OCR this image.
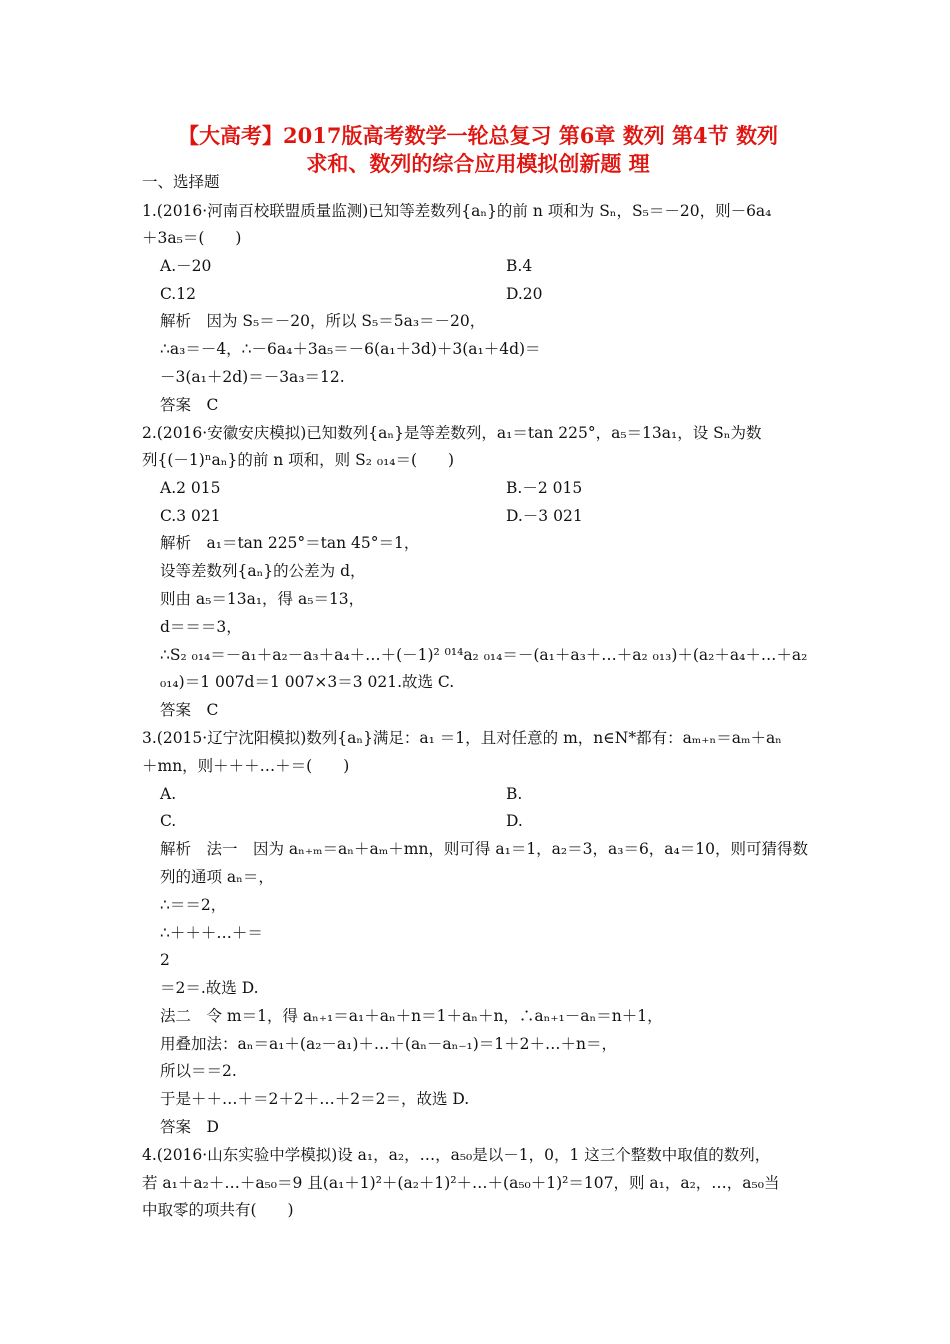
【大高考】2017版高考数学一轮总复习 第6章 数列 第4节 数列
求和、数列的综合应用模拟创新题 理
一、选择题
1.(2016·河南百校联盟质量监测)已知等差数列{aₙ}的前 n 项和为 Sₙ，S₅＝－20，则－6a₄
＋3a₅＝(　　)
A.－20	B.4
C.12	D.20
解析　因为 S₅＝－20，所以 S₅＝5a₃＝－20，
∴a₃＝－4，∴－6a₄＋3a₅＝－6(a₁＋3d)＋3(a₁＋4d)＝
－3(a₁＋2d)＝－3a₃＝12.
答案　C
2.(2016·安徽安庆模拟)已知数列{aₙ}是等差数列，a₁＝tan 225°，a₅＝13a₁，设 Sₙ为数
列{(－1)ⁿaₙ}的前 n 项和，则 S₂ ₀₁₄＝(　　)
A.2 015	B.－2 015
C.3 021	D.－3 021
解析　a₁＝tan 225°＝tan 45°＝1，
设等差数列{aₙ}的公差为 d，
则由 a₅＝13a₁，得 a₅＝13，
d＝＝＝3，
∴S₂ ₀₁₄＝－a₁＋a₂－a₃＋a₄＋…＋(－1)² ⁰¹⁴a₂ ₀₁₄＝－(a₁＋a₃＋…＋a₂ ₀₁₃)＋(a₂＋a₄＋…＋a₂
₀₁₄)＝1 007d＝1 007×3＝3 021.故选 C.
答案　C
3.(2015·辽宁沈阳模拟)数列{aₙ}满足：a₁ ＝1，且对任意的 m，n∈N*都有：aₘ₊ₙ＝aₘ＋aₙ
＋mn，则＋＋＋…＋＝(　　)
A.	B.
C.	D.
解析　法一　因为 aₙ₊ₘ＝aₙ＋aₘ＋mn，则可得 a₁＝1，a₂＝3，a₃＝6，a₄＝10，则可猜得数
列的通项 aₙ＝，
∴＝＝2，
∴＋＋＋…＋＝
2
＝2＝.故选 D.
法二　令 m＝1，得 aₙ₊₁＝a₁＋aₙ＋n＝1＋aₙ＋n，∴aₙ₊₁－aₙ＝n＋1，
用叠加法：aₙ＝a₁＋(a₂－a₁)＋…＋(aₙ－aₙ₋₁)＝1＋2＋…＋n＝，
所以＝＝2.
于是＋＋…＋＝2＋2＋…＋2＝2＝，故选 D.
答案　D
4.(2016·山东实验中学模拟)设 a₁，a₂，…，a₅₀是以－1，0，1 这三个整数中取值的数列，
若 a₁＋a₂＋…＋a₅₀＝9 且(a₁＋1)²＋(a₂＋1)²＋…＋(a₅₀＋1)²＝107，则 a₁，a₂，…，a₅₀当
中取零的项共有(　　)
